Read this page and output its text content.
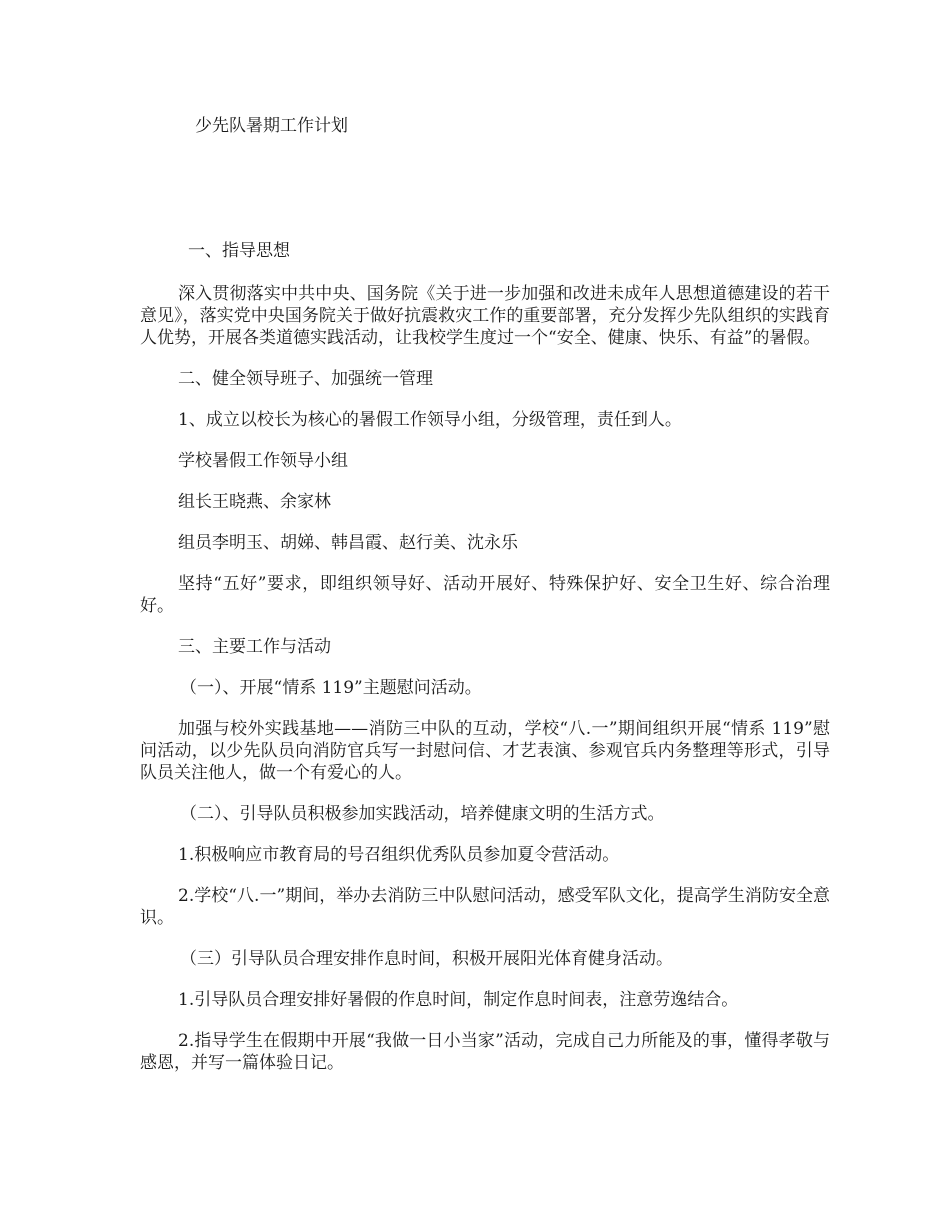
少先队暑期工作计划

一、指导思想

深入贯彻落实中共中央、国务院《关于进一步加强和改进未成年人思想道德建设的若干意见》，落实党中央国务院关于做好抗震救灾工作的重要部署，充分发挥少先队组织的实践育人优势，开展各类道德实践活动，让我校学生度过一个“安全、健康、快乐、有益”的暑假。

二、健全领导班子、加强统一管理

1、成立以校长为核心的暑假工作领导小组，分级管理，责任到人。

学校暑假工作领导小组

组长王晓燕、余家林

组员李明玉、胡娣、韩昌霞、赵行美、沈永乐

坚持“五好”要求，即组织领导好、活动开展好、特殊保护好、安全卫生好、综合治理好。

三、主要工作与活动

（一）、开展“情系 119”主题慰问活动。

加强与校外实践基地——消防三中队的互动，学校“八.一”期间组织开展“情系 119”慰问活动，以少先队员向消防官兵写一封慰问信、才艺表演、参观官兵内务整理等形式，引导队员关注他人，做一个有爱心的人。

（二）、引导队员积极参加实践活动，培养健康文明的生活方式。

1.积极响应市教育局的号召组织优秀队员参加夏令营活动。

2.学校“八.一”期间，举办去消防三中队慰问活动，感受军队文化，提高学生消防安全意识。

（三）引导队员合理安排作息时间，积极开展阳光体育健身活动。

1.引导队员合理安排好暑假的作息时间，制定作息时间表，注意劳逸结合。

2.指导学生在假期中开展“我做一日小当家”活动，完成自己力所能及的事，懂得孝敬与感恩，并写一篇体验日记。
